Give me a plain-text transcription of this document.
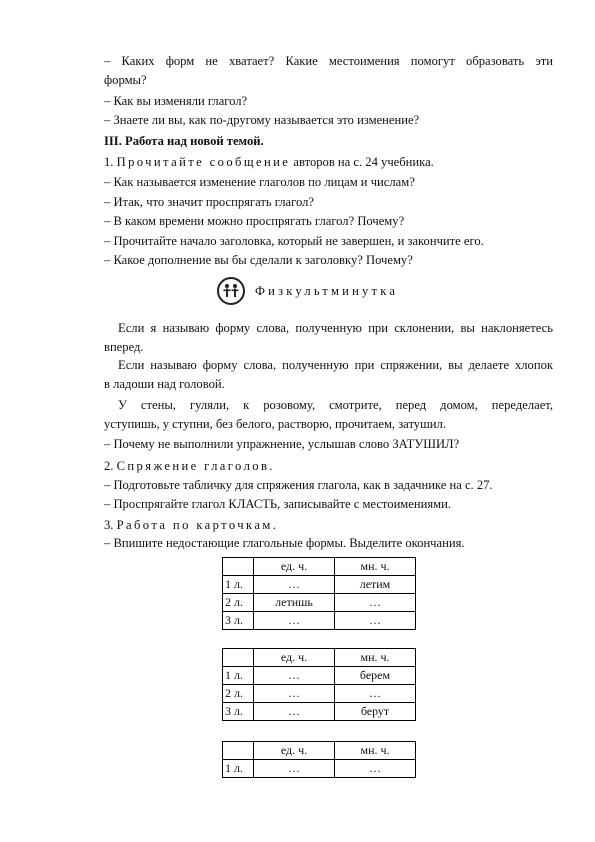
– Каких форм не хватает? Какие местоимения помогут образовать эти
формы?
– Как вы изменяли глагол?
– Знаете ли вы, как по-другому называется это изменение?
III. Работа над новой темой.
1. Прочитайте сообщение авторов на с. 24 учебника.
– Как называется изменение глаголов по лицам и числам?
– Итак, что значит проспрягать глагол?
– В каком времени можно проспрягать глагол? Почему?
– Прочитайте начало заголовка, который не завершен, и закончите его.
– Какое дополнение вы бы сделали к заголовку? Почему?
Физкультминутка
Если я называю форму слова, полученную при склонении, вы наклоняетесь
вперед.
Если называю форму слова, полученную при спряжении, вы делаете хлопок
в ладоши над головой.
У стены, гуляли, к розовому, смотрите, перед домом, переделает,
уступишь, у ступни, без белого, растворю, прочитаем, затушил.
– Почему не выполнили упражнение, услышав слово ЗАТУШИЛ?
2. Спряжение глаголов.
– Подготовьте табличку для спряжения глагола, как в задачнике на с. 27.
– Проспрягайте глагол КЛАСТЬ, записывайте с местоимениями.
3. Работа по карточкам.
– Впишите недостающие глагольные формы. Выделите окончания.
	ед. ч.	мн. ч.
1 л.	…	летим
2 л.	летишь	…
3 л.	…	…
	ед. ч.	мн. ч.
1 л.	…	берем
2 л.	…	…
3 л.	…	берут
	ед. ч.	мн. ч.
1 л.	…	…
